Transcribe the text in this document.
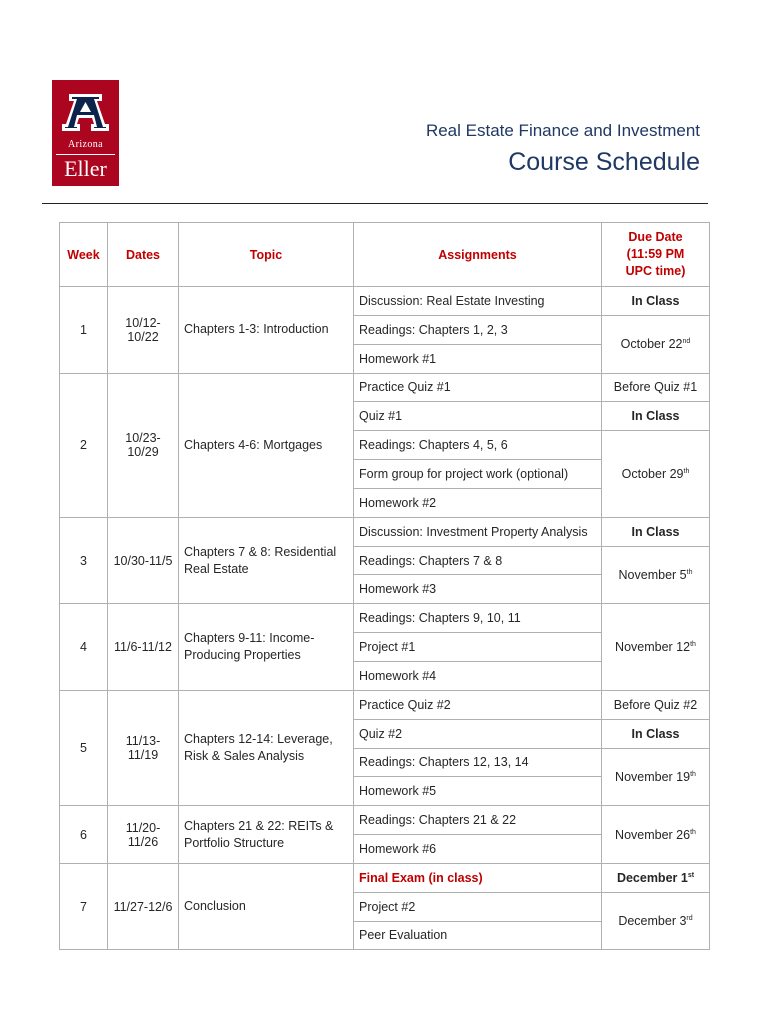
Arizona
Eller
Real Estate Finance and Investment
Course Schedule
Week	Dates	Topic	Assignments	Due Date (11:59 PM UPC time)
1	10/12-10/22	Chapters 1-3: Introduction	Discussion: Real Estate Investing	In Class
			Readings: Chapters 1, 2, 3	October 22nd
			Homework #1	
2	10/23-10/29	Chapters 4-6: Mortgages	Practice Quiz #1	Before Quiz #1
			Quiz #1	In Class
			Readings: Chapters 4, 5, 6	October 29th
			Form group for project work (optional)	
			Homework #2	
3	10/30-11/5	Chapters 7 & 8: Residential Real Estate	Discussion: Investment Property Analysis	In Class
			Readings: Chapters 7 & 8	November 5th
			Homework #3	
4	11/6-11/12	Chapters 9-11: Income-Producing Properties	Readings: Chapters 9, 10, 11	November 12th
			Project #1	
			Homework #4	
5	11/13-11/19	Chapters 12-14: Leverage, Risk & Sales Analysis	Practice Quiz #2	Before Quiz #2
			Quiz #2	In Class
			Readings: Chapters 12, 13, 14	November 19th
			Homework #5	
6	11/20-11/26	Chapters 21 & 22: REITs & Portfolio Structure	Readings: Chapters 21 & 22	November 26th
			Homework #6	
7	11/27-12/6	Conclusion	Final Exam (in class)	December 1st
			Project #2	December 3rd
			Peer Evaluation	
